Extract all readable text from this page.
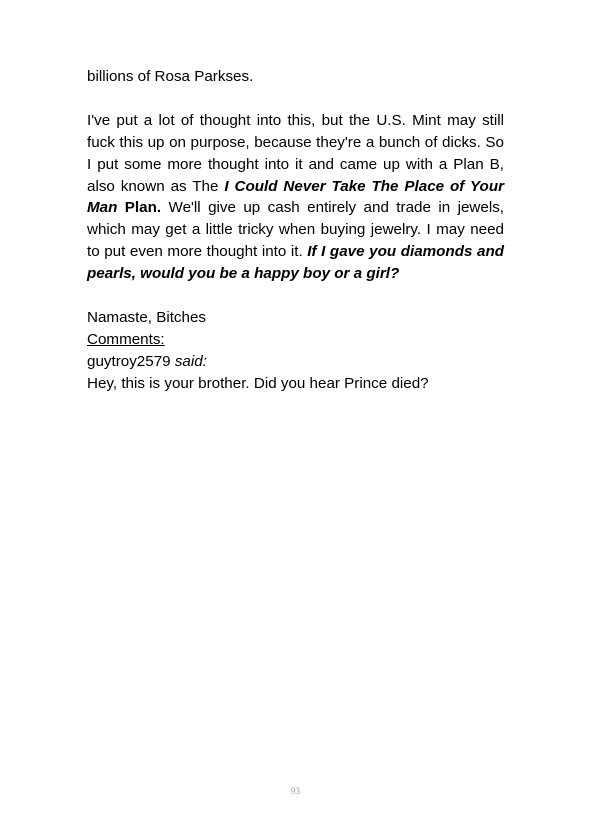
billions of Rosa Parkses.

I've put a lot of thought into this, but the U.S. Mint may still fuck this up on purpose, because they're a bunch of dicks. So I put some more thought into it and came up with a Plan B, also known as The I Could Never Take The Place of Your Man Plan. We'll give up cash entirely and trade in jewels, which may get a little tricky when buying jewelry. I may need to put even more thought into it. If I gave you diamonds and pearls, would you be a happy boy or a girl?

Namaste, Bitches

Comments:

guytroy2579 said:

Hey, this is your brother. Did you hear Prince died?

93
